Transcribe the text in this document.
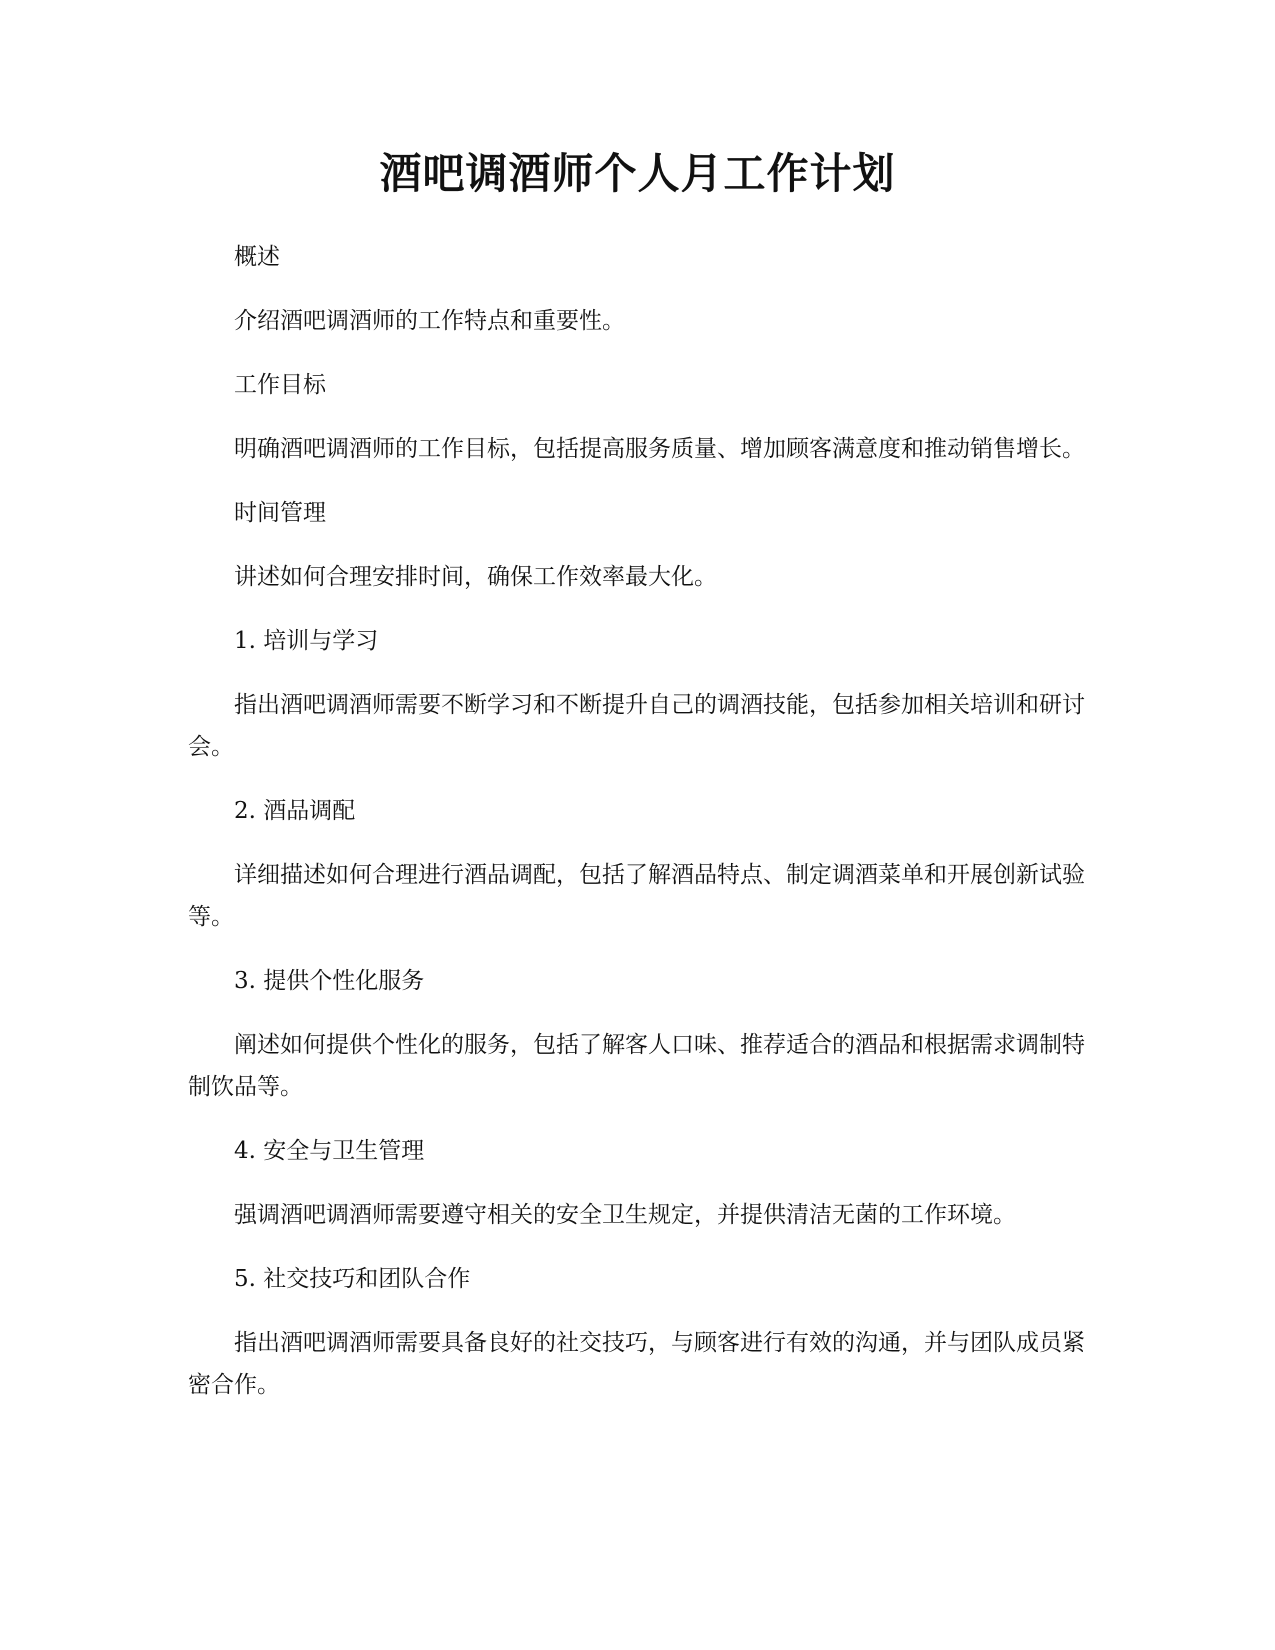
酒吧调酒师个人月工作计划

概述

介绍酒吧调酒师的工作特点和重要性。

工作目标

明确酒吧调酒师的工作目标，包括提高服务质量、增加顾客满意度和推动销售增长。

时间管理

讲述如何合理安排时间，确保工作效率最大化。

1. 培训与学习

指出酒吧调酒师需要不断学习和不断提升自己的调酒技能，包括参加相关培训和研讨会。

2. 酒品调配

详细描述如何合理进行酒品调配，包括了解酒品特点、制定调酒菜单和开展创新试验等。

3. 提供个性化服务

阐述如何提供个性化的服务，包括了解客人口味、推荐适合的酒品和根据需求调制特制饮品等。

4. 安全与卫生管理

强调酒吧调酒师需要遵守相关的安全卫生规定，并提供清洁无菌的工作环境。

5. 社交技巧和团队合作

指出酒吧调酒师需要具备良好的社交技巧，与顾客进行有效的沟通，并与团队成员紧密合作。
